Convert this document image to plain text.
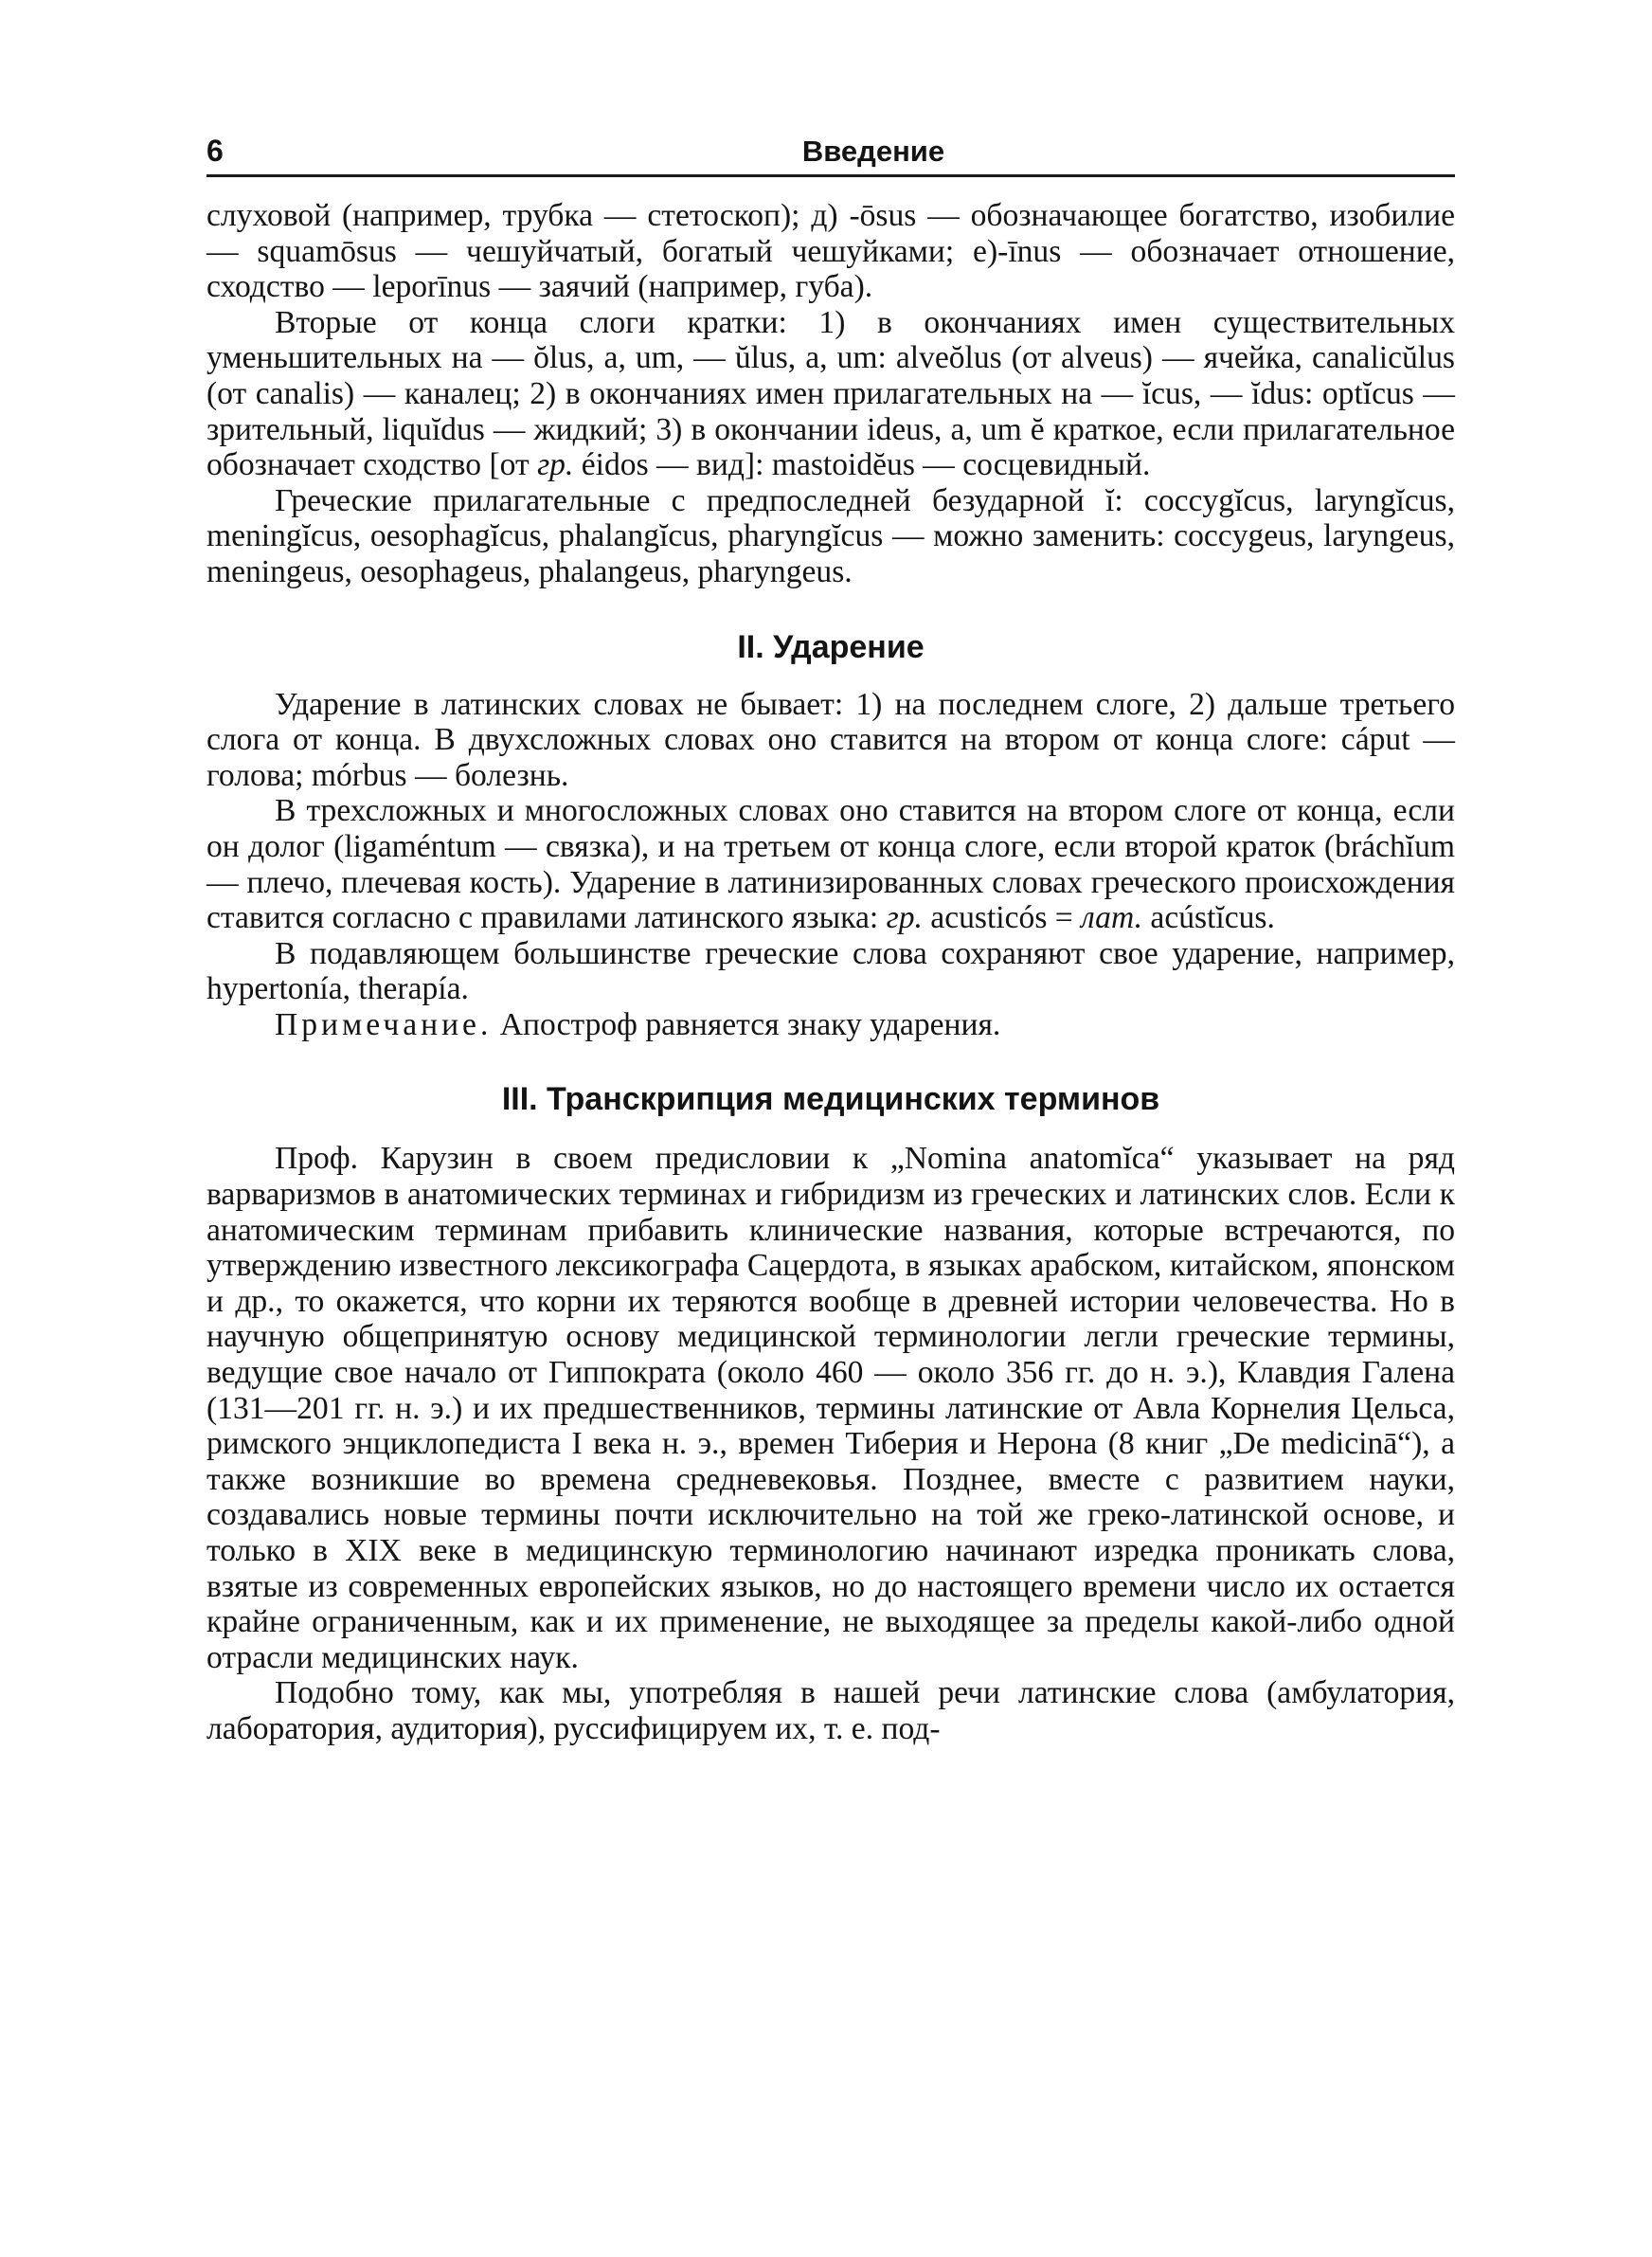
6	Введение

слуховой (например, трубка — стетоскоп); д) -ōsus — обозначающее богатство, изобилие — squamōsus — чешуйчатый, богатый чешуйками; е)-īnus — обозначает отношение, сходство — leporīnus — заячий (например, губа).

Вторые от конца слоги кратки: 1) в окончаниях имен существительных уменьшительных на — ŏlus, a, um, — ŭlus, a, um: alveŏlus (от alveus) — ячейка, canalicŭlus (от canalis) — каналец; 2) в окончаниях имен прилагательных на — ĭcus, — ĭdus: optĭcus — зрительный, liquĭdus — жидкий; 3) в окончании ideus, a, um ĕ краткое, если прилагательное обозначает сходство [от гр. éidos — вид]: mastoidĕus — сосцевидный.

Греческие прилагательные с предпоследней безударной ĭ: coccygĭcus, laryngĭcus, meningĭcus, oesophagĭcus, phalangĭcus, pharyngĭcus — можно заменить: coccygeus, laryngeus, meningeus, oesophageus, phalangeus, pharyngeus.

II. Ударение

Ударение в латинских словах не бывает: 1) на последнем слоге, 2) дальше третьего слога от конца. В двухсложных словах оно ставится на втором от конца слоге: cáput — голова; mórbus — болезнь.

В трехсложных и многосложных словах оно ставится на втором слоге от конца, если он долог (ligaméntum — связка), и на третьем от конца слоге, если второй краток (bráchĭum — плечо, плечевая кость). Ударение в латинизированных словах греческого происхождения ставится согласно с правилами латинского языка: гр. acusticós = лат. acústĭcus.

В подавляющем большинстве греческие слова сохраняют свое ударение, например, hypertonía, therapía.

Примечание. Апостроф равняется знаку ударения.

III. Транскрипция медицинских терминов

Проф. Карузин в своем предисловии к „Nomina anatomĭca“ указывает на ряд варваризмов в анатомических терминах и гибридизм из греческих и латинских слов. Если к анатомическим терминам прибавить клинические названия, которые встречаются, по утверждению известного лексикографа Сацердота, в языках арабском, китайском, японском и др., то окажется, что корни их теряются вообще в древней истории человечества. Но в научную общепринятую основу медицинской терминологии легли греческие термины, ведущие свое начало от Гиппократа (около 460 — около 356 гг. до н. э.), Клавдия Галена (131—201 гг. н. э.) и их предшественников, термины латинские от Авла Корнелия Цельса, римского энциклопедиста I века н. э., времен Тиберия и Нерона (8 книг „De medicinā“), а также возникшие во времена средневековья. Позднее, вместе с развитием науки, создавались новые термины почти исключительно на той же греко-латинской основе, и только в XIX веке в медицинскую терминологию начинают изредка проникать слова, взятые из современных европейских языков, но до настоящего времени число их остается крайне ограниченным, как и их применение, не выходящее за пределы какой-либо одной отрасли медицинских наук.

Подобно тому, как мы, употребляя в нашей речи латинские слова (амбулатория, лаборатория, аудитория), руссифицируем их, т. е. под-
